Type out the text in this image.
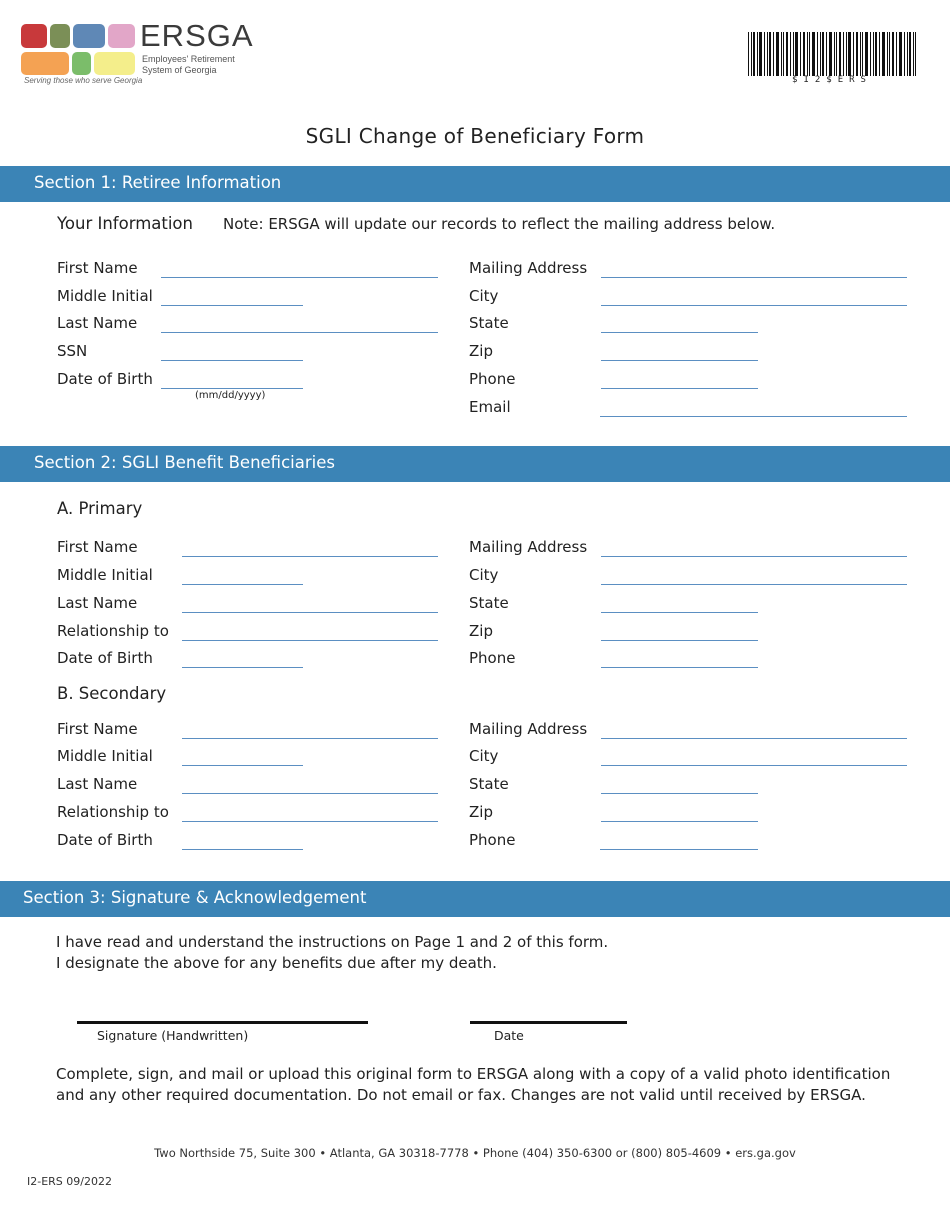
ERSGA
Employees' Retirement
System of Georgia
Serving those who serve Georgia	$I2$ERS
SGLI Change of Beneficiary Form
Section 1: Retiree Information
Your Information Note: ERSGA will update our records to reflect the mailing address below.
First Name
Middle Initial
Last Name
SSN
Date of Birth
(mm/dd/yyyy)
Mailing Address
City
State
Zip
Phone
Email
Section 2: SGLI Benefit Beneficiaries
A. Primary
First Name
Middle Initial
Last Name
Relationship to
Date of Birth
Mailing Address
City
State
Zip
Phone
B. Secondary
First Name
Middle Initial
Last Name
Relationship to
Date of Birth
Mailing Address
City
State
Zip
Phone
Section 3: Signature & Acknowledgement
I have read and understand the instructions on Page 1 and 2 of this form.
I designate the above for any benefits due after my death.
Signature (Handwritten)	Date
Complete, sign, and mail or upload this original form to ERSGA along with a copy of a valid photo identification and any other required documentation. Do not email or fax. Changes are not valid until received by ERSGA.
Two Northside 75, Suite 300 • Atlanta, GA 30318-7778 • Phone (404) 350-6300 or (800) 805-4609 • ers.ga.gov
I2-ERS 09/2022
